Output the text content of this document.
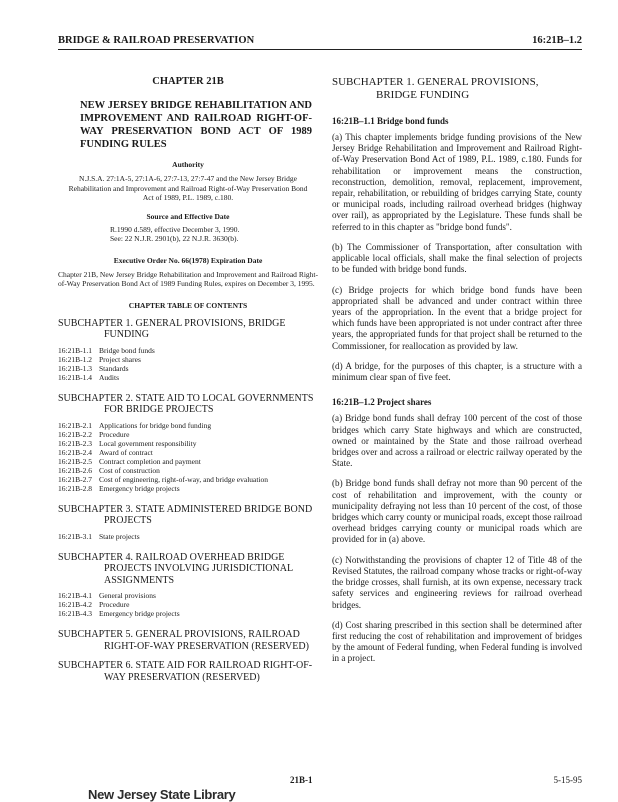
BRIDGE & RAILROAD PRESERVATION	16:21B–1.2
CHAPTER 21B
NEW JERSEY BRIDGE REHABILITATION AND IMPROVEMENT AND RAILROAD RIGHT-OF-WAY PRESERVATION BOND ACT OF 1989 FUNDING RULES
Authority
N.J.S.A. 27:1A-5, 27:1A-6, 27:7-13, 27:7-47 and the New Jersey Bridge Rehabilitation and Improvement and Railroad Right-of-Way Preservation Bond Act of 1989, P.L. 1989, c.180.
Source and Effective Date
R.1990 d.589, effective December 3, 1990.
See: 22 N.J.R. 2901(b), 22 N.J.R. 3630(b).
Executive Order No. 66(1978) Expiration Date
Chapter 21B, New Jersey Bridge Rehabilitation and Improvement and Railroad Right-of-Way Preservation Bond Act of 1989 Funding Rules, expires on December 3, 1995.
CHAPTER TABLE OF CONTENTS
SUBCHAPTER 1. GENERAL PROVISIONS, BRIDGE FUNDING
16:21B-1.1 Bridge bond funds
16:21B-1.2 Project shares
16:21B-1.3 Standards
16:21B-1.4 Audits
SUBCHAPTER 2. STATE AID TO LOCAL GOVERNMENTS FOR BRIDGE PROJECTS
16:21B-2.1 Applications for bridge bond funding
16:21B-2.2 Procedure
16:21B-2.3 Local government responsibility
16:21B-2.4 Award of contract
16:21B-2.5 Contract completion and payment
16:21B-2.6 Cost of construction
16:21B-2.7 Cost of engineering, right-of-way, and bridge evaluation
16:21B-2.8 Emergency bridge projects
SUBCHAPTER 3. STATE ADMINISTERED BRIDGE BOND PROJECTS
16:21B-3.1 State projects
SUBCHAPTER 4. RAILROAD OVERHEAD BRIDGE PROJECTS INVOLVING JURISDICTIONAL ASSIGNMENTS
16:21B-4.1 General provisions
16:21B-4.2 Procedure
16:21B-4.3 Emergency bridge projects
SUBCHAPTER 5. GENERAL PROVISIONS, RAILROAD RIGHT-OF-WAY PRESERVATION (RESERVED)
SUBCHAPTER 6. STATE AID FOR RAILROAD RIGHT-OF-WAY PRESERVATION (RESERVED)
SUBCHAPTER 1. GENERAL PROVISIONS, BRIDGE FUNDING
16:21B–1.1 Bridge bond funds

(a) This chapter implements bridge funding provisions of the New Jersey Bridge Rehabilitation and Improvement and Railroad Right-of-Way Preservation Bond Act of 1989, P.L. 1989, c.180. Funds for rehabilitation or improvement means the construction, reconstruction, demolition, removal, replacement, improvement, repair, rehabilitation, or rebuilding of bridges carrying State, county or municipal roads, including railroad overhead bridges (highway over rail), as appropriated by the Legislature. These funds shall be referred to in this chapter as "bridge bond funds".

(b) The Commissioner of Transportation, after consultation with applicable local officials, shall make the final selection of projects to be funded with bridge bond funds.

(c) Bridge projects for which bridge bond funds have been appropriated shall be advanced and under contract within three years of the appropriation. In the event that a bridge project for which funds have been appropriated is not under contract after three years, the appropriated funds for that project shall be returned to the Commissioner, for reallocation as provided by law.

(d) A bridge, for the purposes of this chapter, is a structure with a minimum clear span of five feet.

16:21B–1.2 Project shares

(a) Bridge bond funds shall defray 100 percent of the cost of those bridges which carry State highways and which are constructed, owned or maintained by the State and those railroad overhead bridges over and across a railroad or electric railway operated by the State.

(b) Bridge bond funds shall defray not more than 90 percent of the cost of rehabilitation and improvement, with the county or municipality defraying not less than 10 percent of the cost, of those bridges which carry county or municipal roads, except those railroad overhead bridges carrying county or municipal roads which are provided for in (a) above.

(c) Notwithstanding the provisions of chapter 12 of Title 48 of the Revised Statutes, the railroad company whose tracks or right-of-way the bridge crosses, shall furnish, at its own expense, necessary track safety services and engineering reviews for railroad overhead bridges.

(d) Cost sharing prescribed in this section shall be determined after first reducing the cost of rehabilitation and improvement of bridges by the amount of Federal funding, when Federal funding is involved in a project.

21B-1	5-15-95
New Jersey State Library
